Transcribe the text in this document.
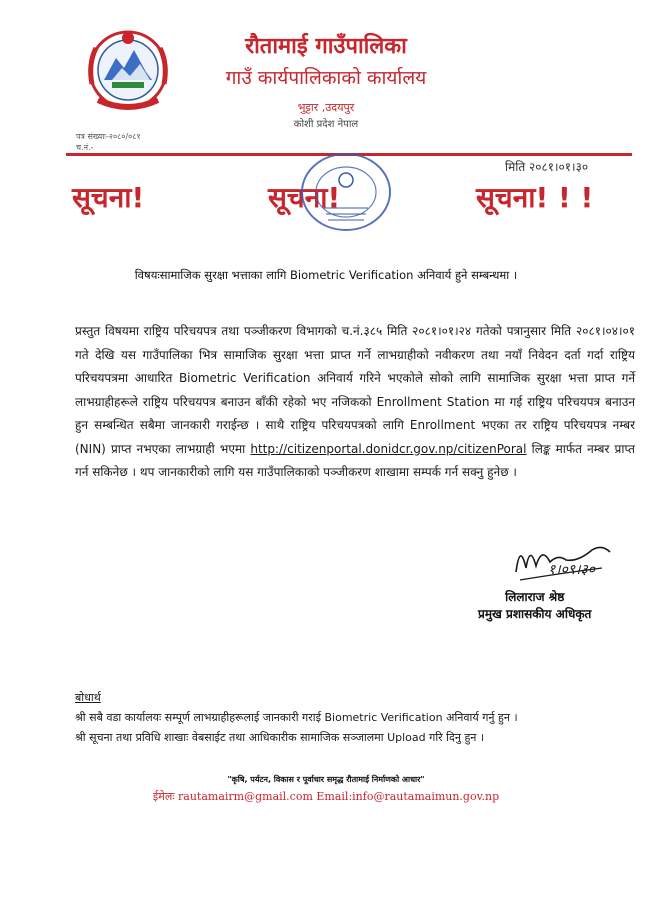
रौतामाई गाउँपालिका
गाउँ कार्यपालिकाको कार्यालय
भुट्टार ,उदयपुर
कोशी प्रदेश नेपाल
पत्र संख्याः-२०८०/०८१
च.नं.-
मिति २०८१।०१।३०
सूचना!	सूचना!	सूचना! ! !
विषयःसामाजिक सुरक्षा भत्ताका लागि Biometric Verification अनिवार्य हुने सम्बन्धमा ।
प्रस्तुत विषयमा राष्ट्रिय परिचयपत्र तथा पञ्जीकरण विभागको च.नं.३८५ मिति २०८१।०१।२४ गतेको पत्रानुसार मिति २०८१।०४।०१ गते देखि यस गाउँपालिका भित्र सामाजिक सुरक्षा भत्ता प्राप्त गर्ने लाभग्राहीको नवीकरण तथा नयाँ निवेदन दर्ता गर्दा राष्ट्रिय परिचयपत्रमा आधारित Biometric Verification अनिवार्य गरिने भएकोले सोको लागि सामाजिक सुरक्षा भत्ता प्राप्त गर्ने लाभग्राहीहरूले राष्ट्रिय परिचयपत्र बनाउन बाँकी रहेको भए नजिकको Enrollment Station मा गई राष्ट्रिय परिचयपत्र बनाउन हुन सम्बन्धित सबैमा जानकारी गराईन्छ । साथै राष्ट्रिय परिचयपत्रको लागि Enrollment भएका तर राष्ट्रिय परिचयपत्र नम्बर (NIN) प्राप्त नभएका लाभग्राही भएमा http://citizenportal.donidcr.gov.np/citizenPoral लिङ्क मार्फत नम्बर प्राप्त गर्न सकिनेछ । थप जानकारीको लागि यस गाउँपालिकाको पञ्जीकरण शाखामा सम्पर्क गर्न सक्नु हुनेछ ।
१।०९।३०
लिलाराज श्रेष्ठ
प्रमुख प्रशासकीय अधिकृत
बोधार्थ
श्री सबै वडा कार्यालयः सम्पूर्ण लाभग्राहीहरूलाई जानकारी गराई Biometric Verification अनिवार्य गर्नु हुन ।
श्री सूचना तथा प्रविधि शाखाः वेबसाईट तथा आधिकारीक सामाजिक सञ्जालमा Upload गरि दिनु हुन ।
"कृषि, पर्यटन, विकास र पूर्वाधार समृद्ध रौतामाई निर्माणको आधार"
ईमेलः rautamairm@gmail.com Email:info@rautamaimun.gov.np
